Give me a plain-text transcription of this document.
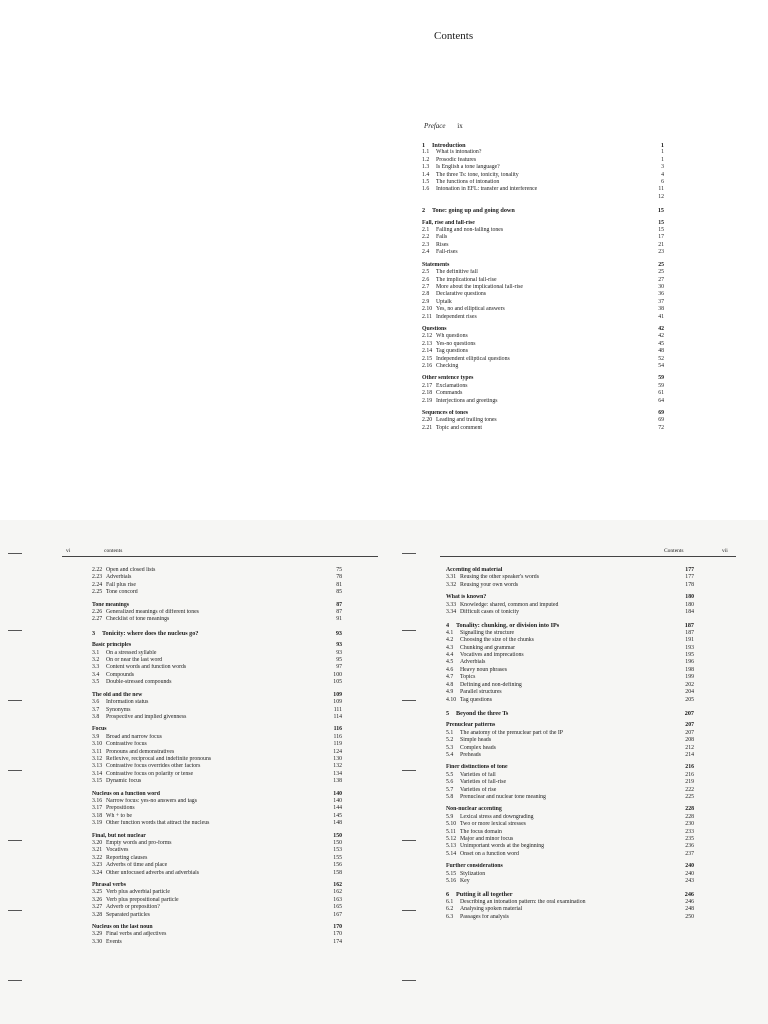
Contents
Preface ix
1	Introduction	1
1.1	What is intonation?	1
1.2	Prosodic features	1
1.3	Is English a tone language?	3
1.4	The three Ts: tone, tonicity, tonality	4
1.5	The functions of intonation	6
1.6	Intonation in EFL: transfer and interference	11
12
2	Tone: going up and going down	15
Fall, rise and fall-rise	15
2.1	Falling and non-falling tones	15
2.2	Falls	17
2.3	Rises	21
2.4	Fall-rises	23
Statements	25
2.5	The definitive fall	25
2.6	The implicational fall-rise	27
2.7	More about the implicational fall-rise	30
2.8	Declarative questions	36
2.9	Uptalk	37
2.10 Yes, no and elliptical answers	38
2.11 Independent rises	41
Questions	42
2.12 Wh questions	42
2.13 Yes-no questions	45
2.14 Tag questions	48
2.15 Independent elliptical questions	52
2.16 Checking	54
Other sentence types	59
2.17 Exclamations	59
2.18 Commands	61
2.19 Interjections and greetings	64
Sequences of tones	69
2.20 Leading and trailing tones	69
2.21 Topic and comment	72
vi	contents	Contents	vii
2.22 Open and closed lists	75
2.23 Adverbials	78
2.24 Fall plus rise	81
2.25 Tone concord	85
Tone meanings	87
2.26 Generalized meanings of different tones	87
2.27 Checklist of tone meanings	91
3	Tonicity: where does the nucleus go?	93
Basic principles	93
3.1	On a stressed syllable	93
3.2	On or near the last word	95
3.3	Content words and function words	97
3.4	Compounds	100
3.5	Double-stressed compounds	105
The old and the new	109
3.6	Information status	109
3.7	Synonyms	111
3.8	Prospective and implied givenness	114
Focus	116
3.9	Broad and narrow focus	116
3.10 Contrastive focus	119
3.11 Pronouns and demonstratives	124
3.12 Reflexive, reciprocal and indefinite pronouns	130
3.13 Contrastive focus overrides other factors	132
3.14 Contrastive focus on polarity or tense	134
3.15 Dynamic focus	138
Nucleus on a function word	140
3.16 Narrow focus: yes-no answers and tags	140
3.17 Prepositions	144
3.18 Wh + to be	145
3.19 Other function words that attract the nucleus	148
Final, but not nuclear	150
3.20 Empty words and pro-forms	150
3.21 Vocatives	153
3.22 Reporting clauses	155
3.23 Adverbs of time and place	156
3.24 Other unfocused adverbs and adverbials	158
Phrasal verbs	162
3.25 Verb plus adverbial particle	162
3.26 Verb plus prepositional particle	163
3.27 Adverb or preposition?	165
3.28 Separated particles	167
Nucleus on the last noun	170
3.29 Final verbs and adjectives	170
3.30 Events	174
Accenting old material	177
3.31 Reusing the other speaker's words	177
3.32 Reusing your own words	178
What is known?	180
3.33 Knowledge: shared, common and imputed	180
3.34 Difficult cases of tonicity	184
4	Tonality: chunking, or division into IPs	187
4.1	Signalling the structure	187
4.2	Choosing the size of the chunks	191
4.3	Chunking and grammar	193
4.4	Vocatives and imprecations	195
4.5	Adverbials	196
4.6	Heavy noun phrases	198
4.7	Topics	199
4.8	Defining and non-defining	202
4.9	Parallel structures	204
4.10 Tag questions	205
5	Beyond the three Ts	207
Prenuclear patterns	207
5.1	The anatomy of the prenuclear part of the IP	207
5.2	Simple heads	208
5.3	Complex heads	212
5.4	Preheads	214
Finer distinctions of tone	216
5.5	Varieties of fall	216
5.6	Varieties of fall-rise	219
5.7	Varieties of rise	222
5.8	Prenuclear and nuclear tone meaning	225
Non-nuclear accenting	228
5.9	Lexical stress and downgrading	228
5.10 Two or more lexical stresses	230
5.11 The focus domain	233
5.12 Major and minor focus	235
5.13 Unimportant words at the beginning	236
5.14 Onset on a function word	237
Further considerations	240
5.15 Stylization	240
5.16 Key	243
6	Putting it all together	246
6.1	Describing an intonation pattern: the oral examination	246
6.2	Analysing spoken material	248
6.3	Passages for analysis	250
